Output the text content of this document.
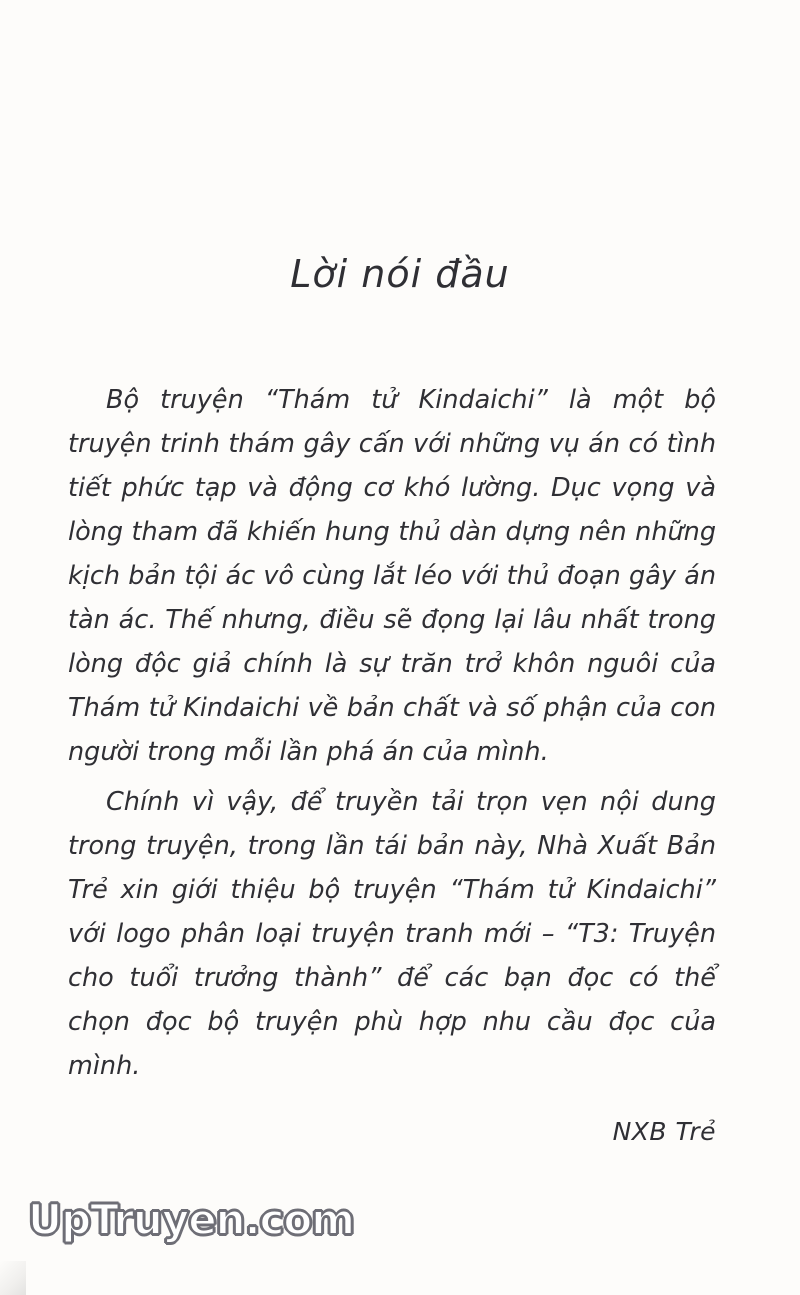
Lời nói đầu

Bộ truyện “Thám tử Kindaichi” là một bộ truyện trinh thám gây cấn với những vụ án có tình tiết phức tạp và động cơ khó lường. Dục vọng và lòng tham đã khiến hung thủ dàn dựng nên những kịch bản tội ác vô cùng lắt léo với thủ đoạn gây án tàn ác. Thế nhưng, điều sẽ đọng lại lâu nhất trong lòng độc giả chính là sự trăn trở khôn nguôi của Thám tử Kindaichi về bản chất và số phận của con người trong mỗi lần phá án của mình.

Chính vì vậy, để truyền tải trọn vẹn nội dung trong truyện, trong lần tái bản này, Nhà Xuất Bản Trẻ xin giới thiệu bộ truyện “Thám tử Kindaichi” với logo phân loại truyện tranh mới – “T3: Truyện cho tuổi trưởng thành” để các bạn đọc có thể chọn đọc bộ truyện phù hợp nhu cầu đọc của mình.

NXB Trẻ

UpTruyen.com
